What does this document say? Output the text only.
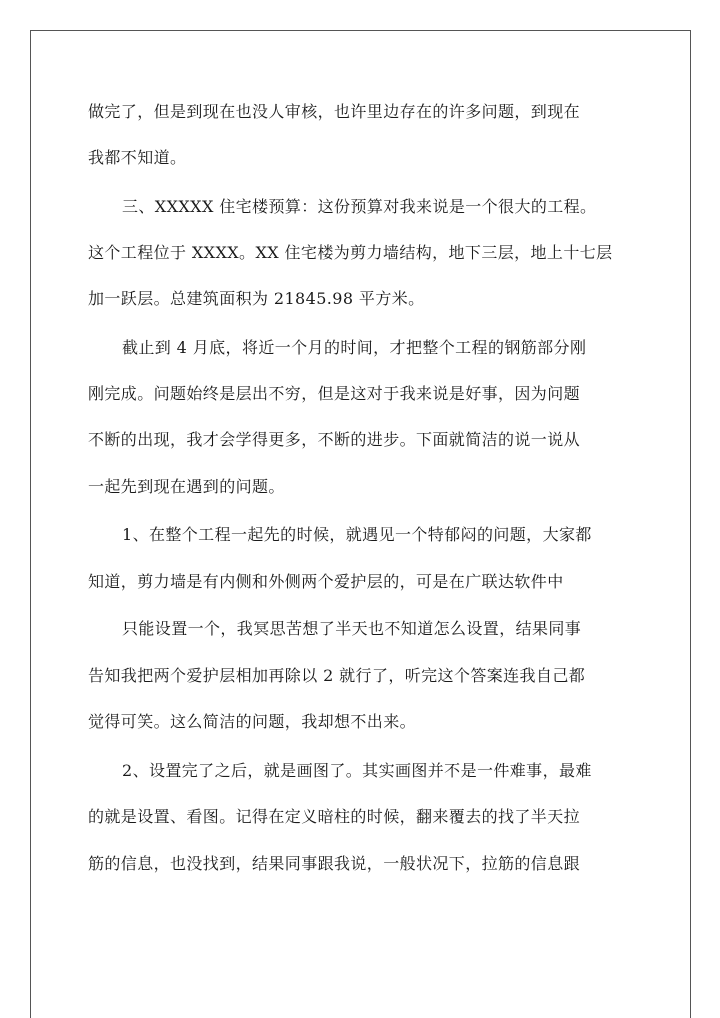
做完了，但是到现在也没人审核，也许里边存在的许多问题，到现在
我都不知道。
三、XXXXX 住宅楼预算：这份预算对我来说是一个很大的工程。
这个工程位于 XXXX。XX 住宅楼为剪力墙结构，地下三层，地上十七层
加一跃层。总建筑面积为 21845.98 平方米。
截止到 4 月底，将近一个月的时间，才把整个工程的钢筋部分刚
刚完成。问题始终是层出不穷，但是这对于我来说是好事，因为问题
不断的出现，我才会学得更多，不断的进步。下面就简洁的说一说从
一起先到现在遇到的问题。
1、在整个工程一起先的时候，就遇见一个特郁闷的问题，大家都
知道，剪力墙是有内侧和外侧两个爱护层的，可是在广联达软件中
只能设置一个，我冥思苦想了半天也不知道怎么设置，结果同事
告知我把两个爱护层相加再除以 2 就行了，听完这个答案连我自己都
觉得可笑。这么简洁的问题，我却想不出来。
2、设置完了之后，就是画图了。其实画图并不是一件难事，最难
的就是设置、看图。记得在定义暗柱的时候，翻来覆去的找了半天拉
筋的信息，也没找到，结果同事跟我说，一般状况下，拉筋的信息跟
